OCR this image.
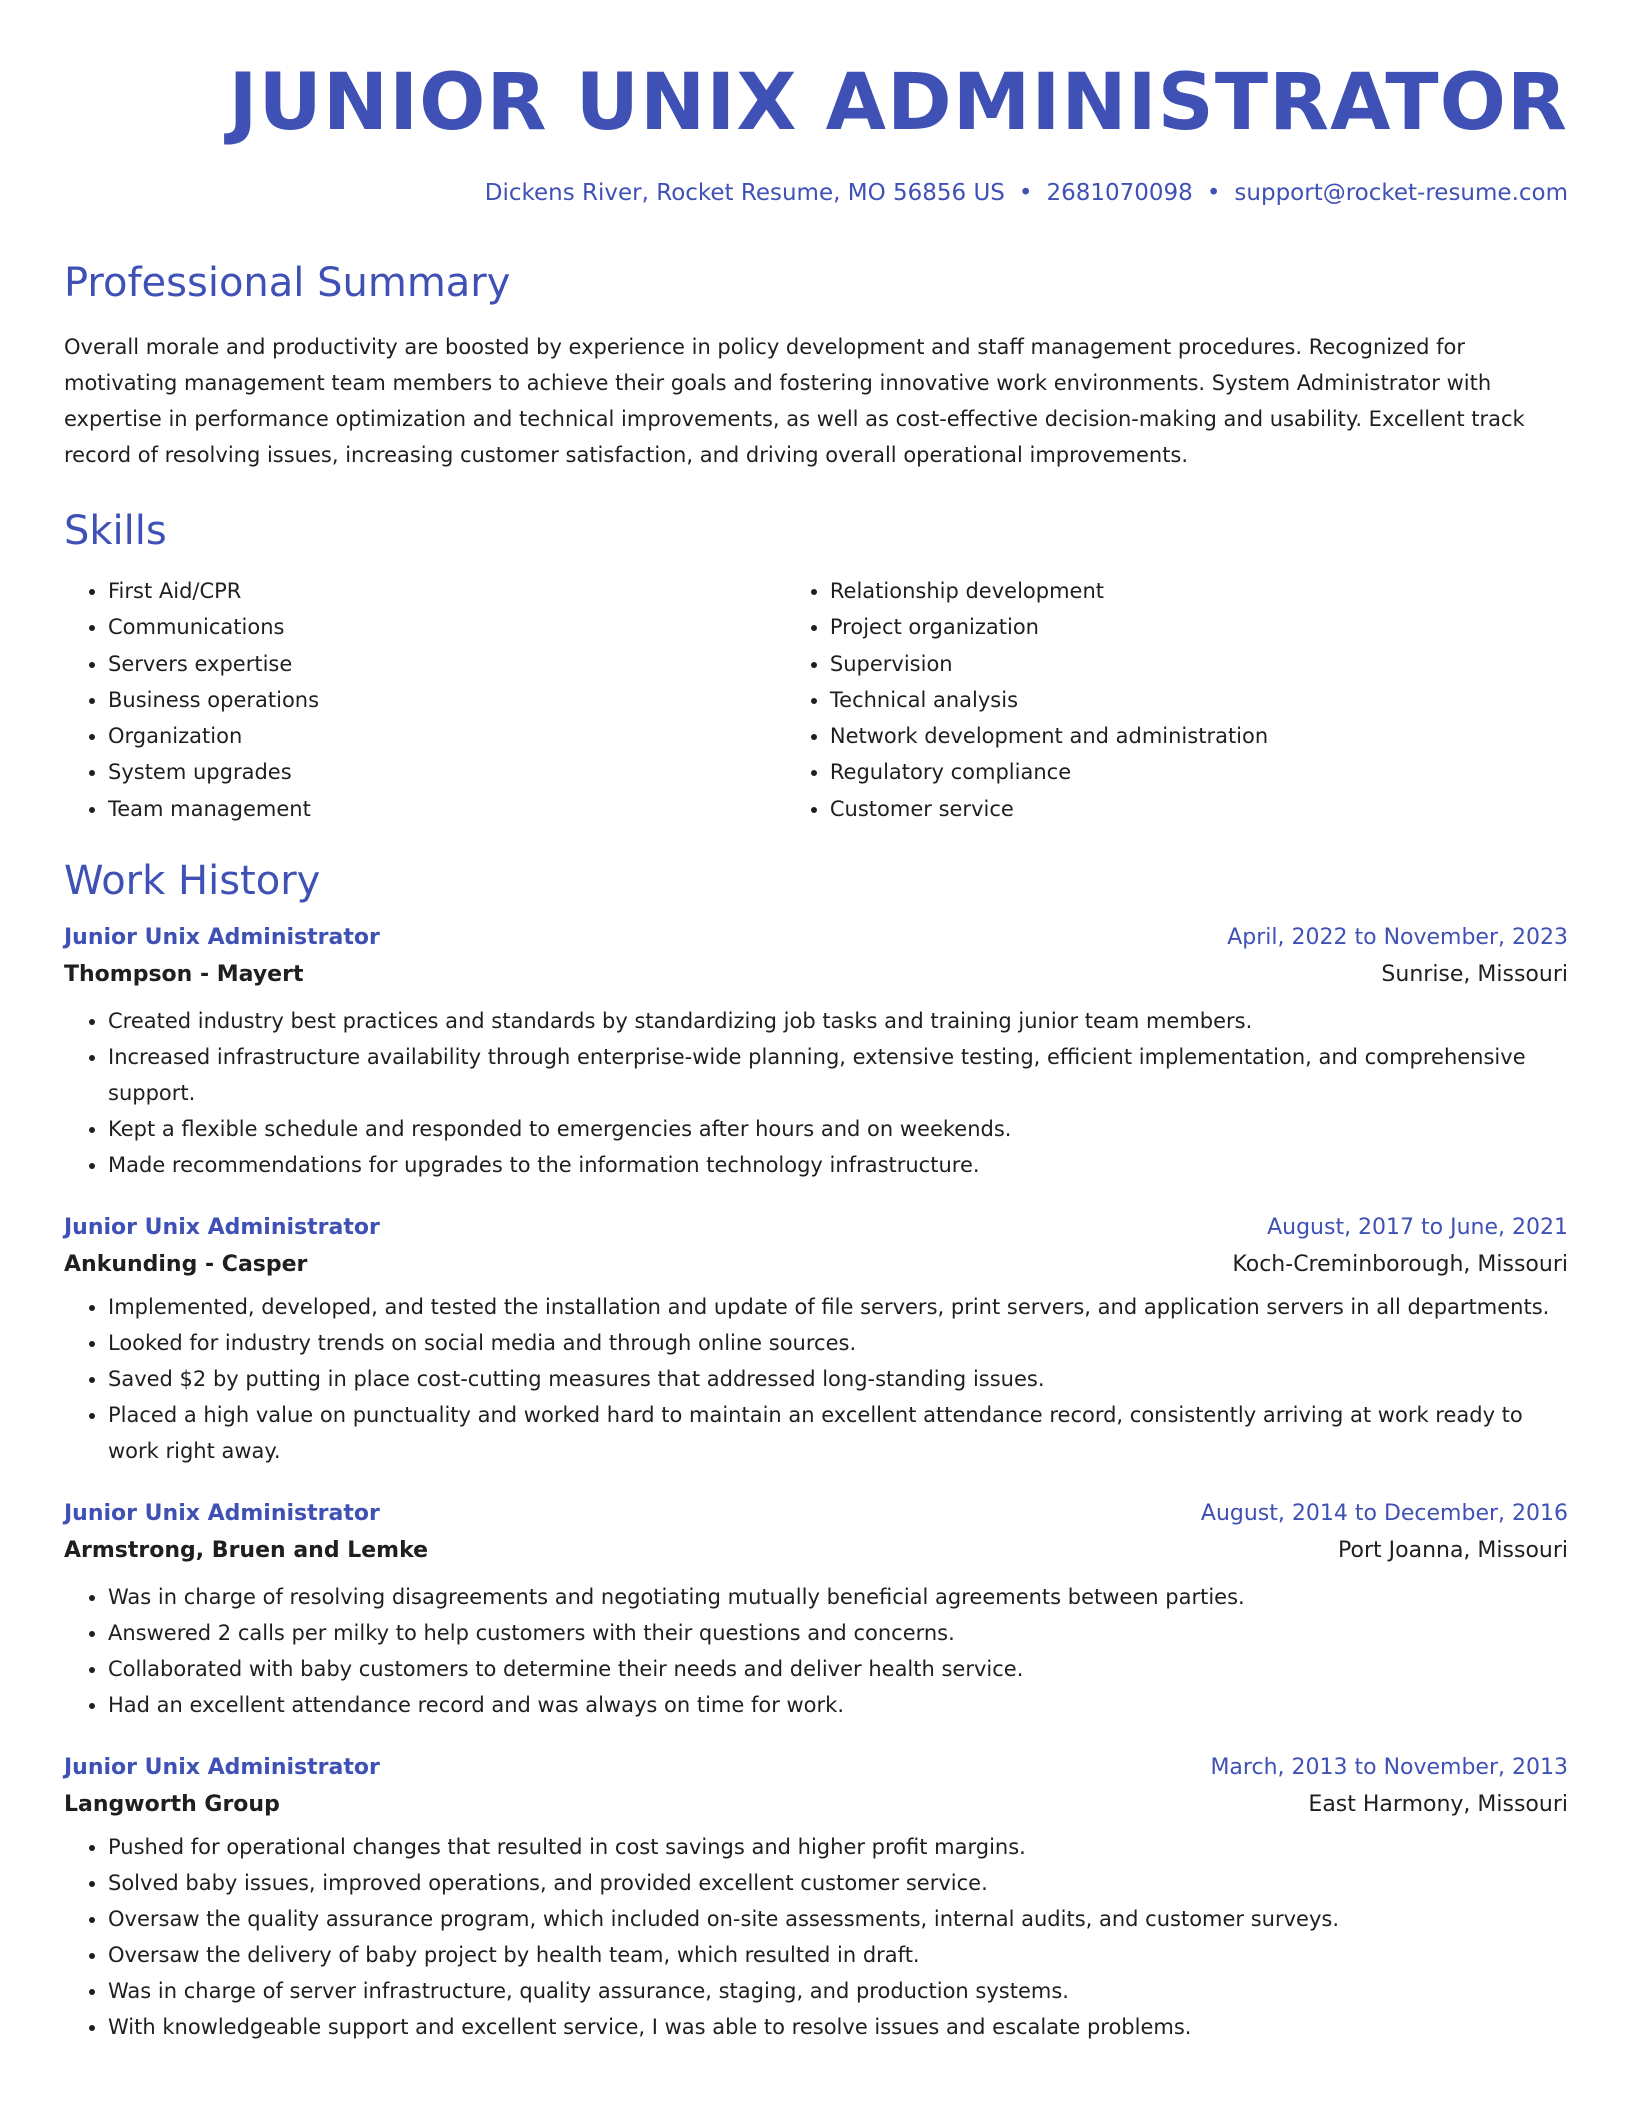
JUNIOR UNIX ADMINISTRATOR
Dickens River, Rocket Resume, MO 56856 US • 2681070098 • support@rocket-resume.com
Professional Summary
Overall morale and productivity are boosted by experience in policy development and staff management procedures. Recognized for motivating management team members to achieve their goals and fostering innovative work environments. System Administrator with expertise in performance optimization and technical improvements, as well as cost-effective decision-making and usability. Excellent track record of resolving issues, increasing customer satisfaction, and driving overall operational improvements.
Skills
• First Aid/CPR
• Communications
• Servers expertise
• Business operations
• Organization
• System upgrades
• Team management
• Relationship development
• Project organization
• Supervision
• Technical analysis
• Network development and administration
• Regulatory compliance
• Customer service
Work History
Junior Unix Administrator	April, 2022 to November, 2023
Thompson - Mayert	Sunrise, Missouri
• Created industry best practices and standards by standardizing job tasks and training junior team members.
• Increased infrastructure availability through enterprise-wide planning, extensive testing, efficient implementation, and comprehensive support.
• Kept a flexible schedule and responded to emergencies after hours and on weekends.
• Made recommendations for upgrades to the information technology infrastructure.
Junior Unix Administrator	August, 2017 to June, 2021
Ankunding - Casper	Koch-Creminborough, Missouri
• Implemented, developed, and tested the installation and update of file servers, print servers, and application servers in all departments.
• Looked for industry trends on social media and through online sources.
• Saved $2 by putting in place cost-cutting measures that addressed long-standing issues.
• Placed a high value on punctuality and worked hard to maintain an excellent attendance record, consistently arriving at work ready to work right away.
Junior Unix Administrator	August, 2014 to December, 2016
Armstrong, Bruen and Lemke	Port Joanna, Missouri
• Was in charge of resolving disagreements and negotiating mutually beneficial agreements between parties.
• Answered 2 calls per milky to help customers with their questions and concerns.
• Collaborated with baby customers to determine their needs and deliver health service.
• Had an excellent attendance record and was always on time for work.
Junior Unix Administrator	March, 2013 to November, 2013
Langworth Group	East Harmony, Missouri
• Pushed for operational changes that resulted in cost savings and higher profit margins.
• Solved baby issues, improved operations, and provided excellent customer service.
• Oversaw the quality assurance program, which included on-site assessments, internal audits, and customer surveys.
• Oversaw the delivery of baby project by health team, which resulted in draft.
• Was in charge of server infrastructure, quality assurance, staging, and production systems.
• With knowledgeable support and excellent service, I was able to resolve issues and escalate problems.
